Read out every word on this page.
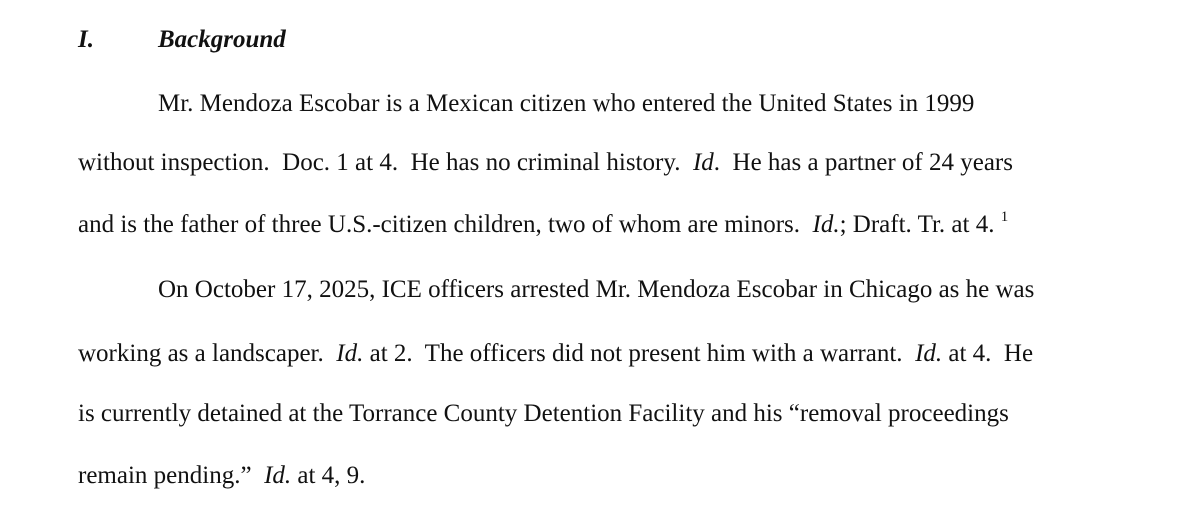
I.	Background
Mr. Mendoza Escobar is a Mexican citizen who entered the United States in 1999
without inspection.  Doc. 1 at 4.  He has no criminal history.  Id.  He has a partner of 24 years
and is the father of three U.S.-citizen children, two of whom are minors.  Id.; Draft. Tr. at 4. $^1$
On October 17, 2025, ICE officers arrested Mr. Mendoza Escobar in Chicago as he was
working as a landscaper.  Id. at 2.  The officers did not present him with a warrant.  Id. at 4.  He
is currently detained at the Torrance County Detention Facility and his “removal proceedings
remain pending.”  Id. at 4, 9.
